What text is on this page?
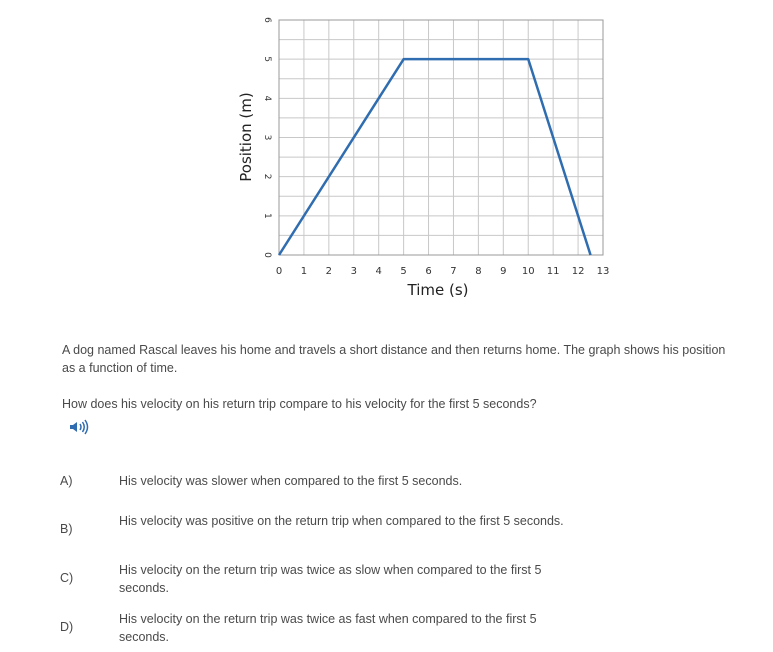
0 1 2 3 4 5 6 7 8 9 10 11 12 13
0
1
2
3
4
5
6
Time (s)
Position (m)

A dog named Rascal leaves his home and travels a short distance and then returns home. The graph shows his position as a function of time.

How does his velocity on his return trip compare to his velocity for the first 5 seconds?

A)	His velocity was slower when compared to the first 5 seconds.
B)
His velocity was positive on the return trip when compared to the first 5 seconds.
C)
His velocity on the return trip was twice as slow when compared to the first 5 seconds.
D)
His velocity on the return trip was twice as fast when compared to the first 5 seconds.
